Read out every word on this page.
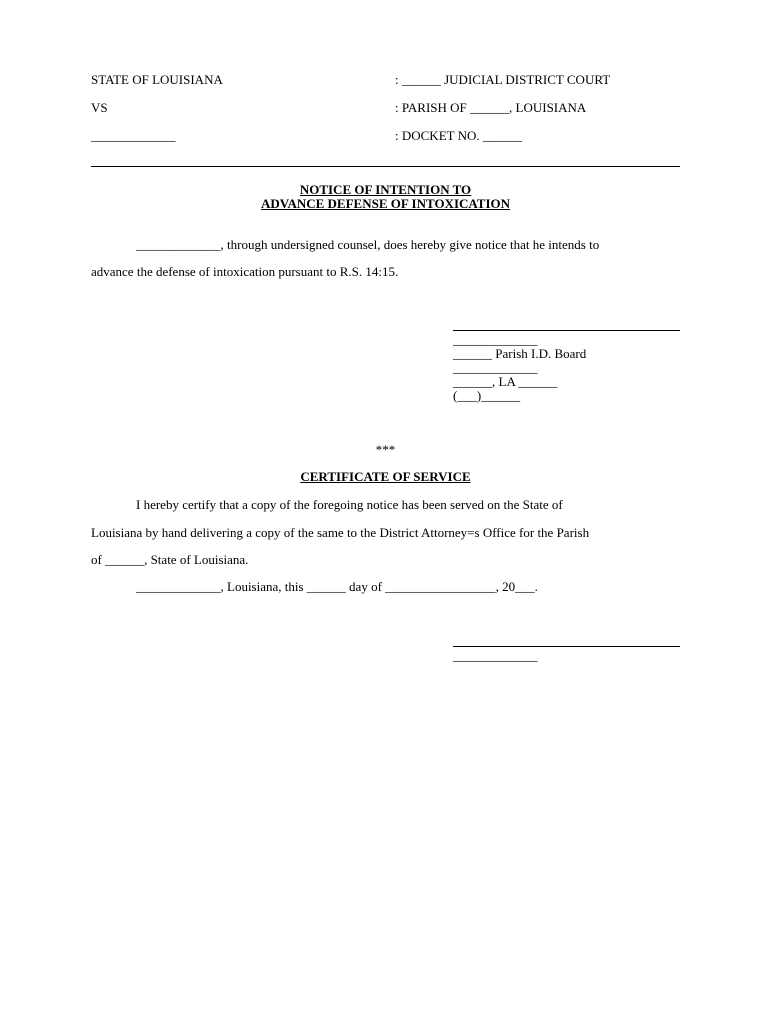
STATE OF LOUISIANA	: ______ JUDICIAL DISTRICT COURT
VS	: PARISH OF ______, LOUISIANA
_____________	: DOCKET NO. ______
NOTICE OF INTENTION TO
ADVANCE DEFENSE OF INTOXICATION
_____________, through undersigned counsel, does hereby give notice that he intends to
advance the defense of intoxication pursuant to R.S. 14:15.
_____________
______ Parish I.D. Board
_____________
______, LA ______
(___)______
***
CERTIFICATE OF SERVICE
I hereby certify that a copy of the foregoing notice has been served on the State of
Louisiana by hand delivering a copy of the same to the District Attorney=s Office for the Parish
of ______, State of Louisiana.
_____________, Louisiana, this ______ day of _________________, 20___.
_____________
